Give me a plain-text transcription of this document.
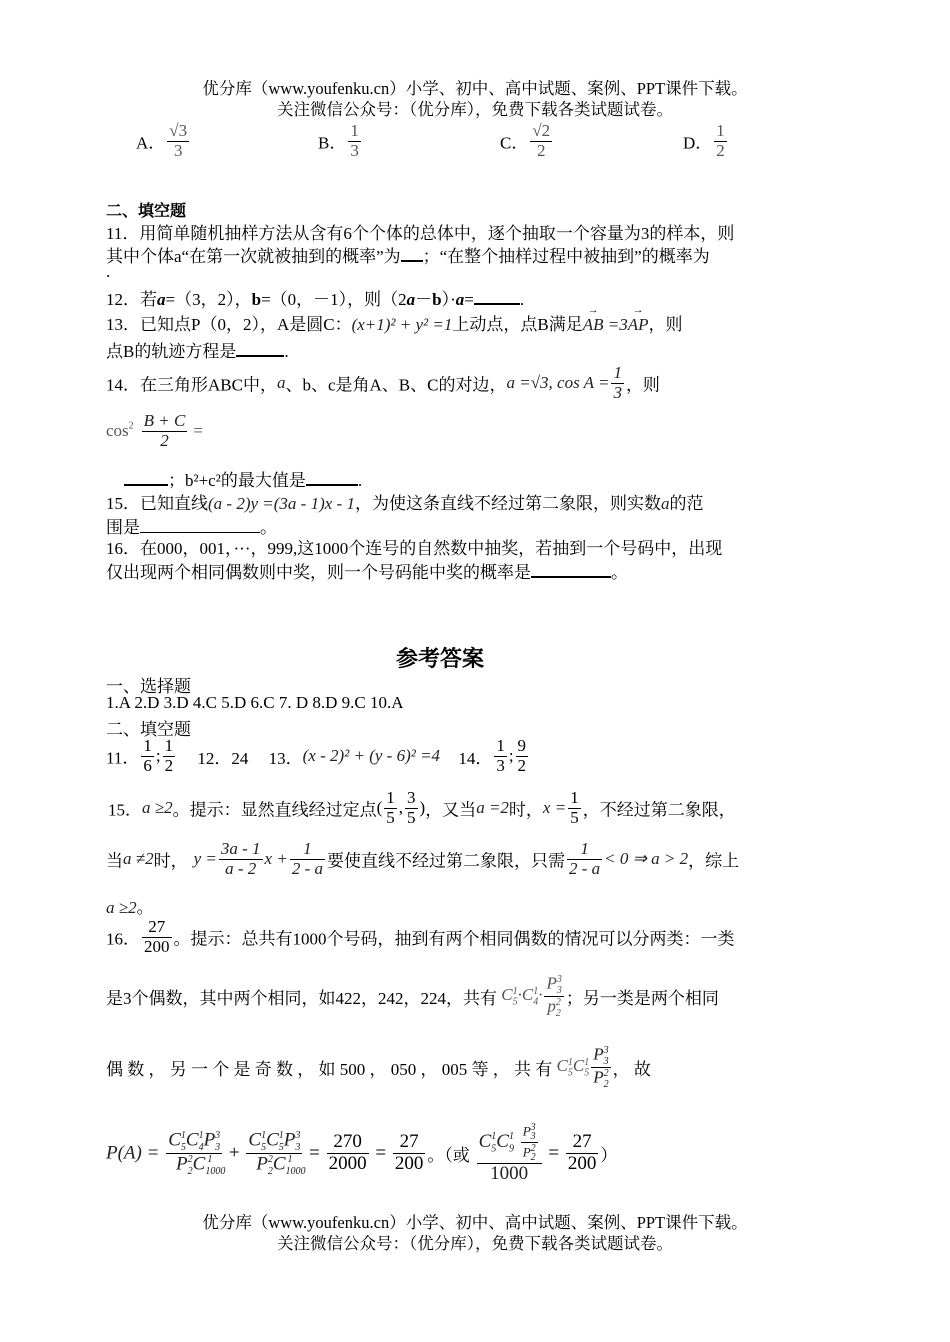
优分库（www.youfenku.cn）小学、初中、高中试题、案例、PPT课件下载。
关注微信公众号：（优分库），免费下载各类试题试卷。
A． $\frac{√3}{3}$	B． $\frac{1}{3}$	C． $\frac{√2}{2}$	D． $\frac{1}{2}$
二、填空题
11．用简单随机抽样方法从含有6个个体的总体中，逐个抽取一个容量为3的样本，则
其中个体a“在第一次就被抽到的概率”为 ；“在整个抽样过程中被抽到”的概率为
.
12．若a=（3，2），b=（0，－1），则（2a－b）·a=	.
13．已知点P（0，2），A是圆C：(x+1)² + y² =1上动点，点B满足→ AB =3→ AP，则
点B的轨迹方程是	.
14．在三角形ABC中，a、b、c是角A、B、C的对边，a =√3, $\cos A = \frac{1}{3}$ ，则
$\cos^2 \frac{B + C}{2}$ =
；b²+c²的最大值是	.
15．已知直线(a - 2)y =(3a - 1)x - 1，为使这条直线不经过第二象限，则实数a的范
围是	。
16．在000，001，···，999,这1000个连号的自然数中抽奖，若抽到一个号码中，出现
仅出现两个相同偶数则中奖，则一个号码能中奖的概率是	。
参考答案
一、选择题
1.A 2.D 3.D 4.C 5.D 6.C 7. D 8.D 9.C 10.A
二、填空题
11． $\frac{1}{6}$ ; $\frac{1}{2} 12$．24 13．(x - 2)² + (y - 6)² =4 14． $\frac{1}{3}$ ; $\frac{9}{2}$
15．a ≥2。提示：显然直线经过定点( $\frac{1}{5}$ , $\frac{3}{5}$ )，又当a =2时，$x = \frac{1}{5}$ ，不经过第二象限，
当a ≠2时， $y = \frac{3a - 1}{a - 2}$ $x + \frac{1}{2 - a}$ 要使直线不经过第二象限，只需 $\frac{1}{2 - a} < 0$ ⇒ a > 2，综上
a ≥2。
16． $\frac{27}{200}$ 。提示：总共有1000个号码，抽到有两个相同偶数的情况可以分两类：一类
是3个偶数，其中两个相同，如422，242，224，共有 $C_5^1\cdot C_4^1\cdot \frac{P_3^3}{p_2^2}$ ；另一类是两个相同
偶 数 ， 另 一 个 是 奇 数 ， 如 500 ， 050 ， 005 等 ， 共 有 $C_5^1C_5^1 \frac{P_3^3}{P_2^2}$ ， 故
$P(A) = \frac{C_5^1C_4^1P_3^3}{P_2^2C_{1000}^1} + \frac{C_5^1C_5^1P_3^3}{P_2^2C_{1000}^1} = \frac{270}{2000} = \frac{27}{200}$ 。（或 $\frac{C_5^1C_9^1 \frac{P_3^3}{P_2^2}}{1000} = \frac{27}{200}$ ）
优分库（www.youfenku.cn）小学、初中、高中试题、案例、PPT课件下载。
关注微信公众号：（优分库），免费下载各类试题试卷。
